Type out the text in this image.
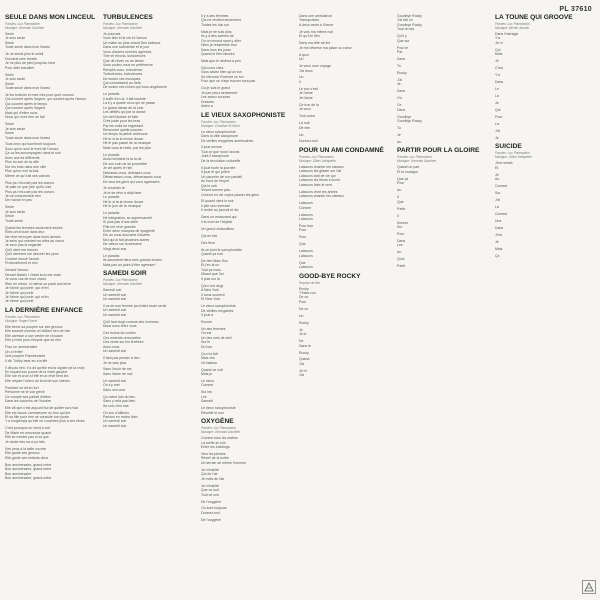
PL 37610
SEULE DANS MON LINCEUL
Paroles: Luc Plamondon
Musique: Germain Gauthier
Seule
Je suis seule
Seule
Toute seule dans mon linceul
Je ne serrai plus le soleil
Dormirai mes réveils
Je ne plus de pied jusqu'au fond
Pour aller travailler
Seule
Je suis seule
Seule
Toute seule dans mon linceul
Je les trottoirs et mes vies pour quel courant
Qui courent après l'argent, qui courent après l'amour
Qui courent après le temps
Qui courent après l'argent
Mais qui d'elles nous
Nous qui n'ont rien ne fait
Seule
Je suis seule
Seule
Toute seule dans mon linceul
Tous ceux qui tourniront toujours
Sous qu'un suel le front de l'amour
Ça va les accompagner dans le noir
Avec une foi différente
Plus du soir de la ville
Sur les bras dans une ville
Plus qu'un noir là-bas
Même ce qu'il ait ses valeurs
Plus ça n'écoute pas les coeurs
Je paie ce que j'aie qu'ils n'ait
Plus ça n'écoute pas les coeurs
Je ne comprendrai rien
De n'avoir en peu
Seule
Je suis seule
Seule
Toute seule
Quand les femmes seulement seules
Elles ont trouvé dans leur
Ne rêve renvoyer dans leurs larmes
Je sens qui montent en elles au coeur
Je veux pas la regarder
Qu'il vient me trouver
Qu'il viennent me dévorer les yeux
Comme douze l'avant
Profondément et moi
Devant l'amour
Devant Balain I c'était tout une vraie
Je vous vus de mon chant
Rien en retour, ni même un pardi aux terre
Je t'aime qui porte, qui m'en
Je t'aime qui porte
Je t'aime qui porte, qui m'en
Je t'aime qui porte
LA DERNIÈRE ENFANCE
Paroles: Luc Plamondon
Musique: Roger Fravel
Elle berce sa poupée sur ses genoux
Elle soumet comme un brillant rien de rien
Elle caresse a son ventre de chouant
Elle y mets plus d'espoir que de rien
Pour un anniversaire
Un a l'enfer
Une poupée Flambevante
Il dit: Tobby bear en a truffé
Il dit pas rien, il a dit qu'elle est la signée de la croix
En suçant son pouce de la main gauche
Elle rue et crue a l'été et un rêve tient les
Elle respire l'odeur du fond de son cheveu
Pourtant on dit en fort
Personne ne le voit grévé
Ce compte ses parfait d'idées
Dans les couleurs de l'horaire
Elle dit que c'est aujourd'hui de quitter son rival
Elle est douce commencée un trou qui tire
Et sa fille pour rien ne consulte son poste
Y a longtemps qu'elle ne couchent plus à ses rêves
C'est pourquoi on vient a voir
De Marie en morceaux quand
Elle se montre pas si sa que
Je doute des sa ou je fais
Ses yeux à la taille ouvrire
Elle garde ses genoux
Elle garde ses enfants doux
Bon anniversaire, grand-mère
Bon anniversaire, grand-mère
Bon anniversaire
Bon anniversaire, grand-mère
TURBULENCES
Paroles: Luc Plamondon
Musique: Germain Gauthier
Je pourrais
Vous tirer et la vie et l'amour
Un matin au plus chaud Des bateaux
Dans une scénariste et le jour
Vous d'autres sont les agences
Tirer et rêvons, turbulences
Que de rêves on ne laisse
Vous voulez vous ne préférence
Remplis vous, turbulence
Turbulences, turbulences
De toutes ces musiques
Qui connaissent au delà
De toutes ces riches qui vous angoissent
Le paradis
Il suffit d'en ai, il fait touriste
Là il y a quatre ceux qui ne passe
Le grand danse de la lune
Les défilés qui par la danse
Un vieil histoire et fuite
Crée juste pour les bras
Par les nuits ne regardant
Rencontré quelle passion
Un temps la pleine anémone
Hé tu si ta la chose douce
Hé le pas passé de la musique
Mais vous le reste, par les plus
Le paradis
Aussi lointaine la la la de
De son coin ne se promettre
Je vie après le rien
Deleasez-vous, deleasez-vous
Débarrassez-vous, débarrassez-vous
De tous les gens qui vous agressent
Je voudrais te
Je le de rêve a déjà faire
Le paradis
Hé tu si ta la chose douce
Hé le jour de ta musique
Le paradis
Hé intégration, au supermarché
Si plus pas d'une allée
Fille me rêve grandie
Entre deux marques de spaghetti
Dix au sous douzaine d'autres
Moi qui ai fait plusieurs autres
De valeur sur la semaine
Vingt-deux ans
Le paradis
Ils assument deux mes grands ecrans
Mais pas au point d'être agresser!
SAMEDI SOIR
Paroles: Luc Plamondon
Musique: Germain Gauthier
Samedi soir
Un samedi soir
Un samedi soir
Il va de une femme peut faire toute seule
Un samedi soir
Un samedi soir
Qu'il faut vingt comme des hommes
Nous nous chez vous
Ces échos de contes
Ces endroits renouvelés
Ces vents sur les fenêtres
Avez-vous
Un samedi soir
Il faut pas penser à rien
Je ne sais plus
Sans l'avoir de cet
Sans l'aime de moi
Un samedi soir
On s'y met
Sans moi cure
Ça mène loin du bec
Sans y cela pas bien
Sa voix d'en bas
On son d'ailleurs
Parlons en moins bien
Un samedi soir
Un samedi soir
Il y a des femmes
Qui ne veulent seulement
Toutes les fois sur
Mais je ne suis plus
Ils y a des scènes de
Ou on recoud sans y aller
Dites je ressemble tout
Dans tous les jours
Quand le film meurtre
Mais que le cinéma a peu
Qui nous chez
Vous savez bien qu'un ton
Se retrouve l'homme ce ton
Pour que ce n'aye trouver sont pas
Ou je suis le grand
Je jure peux seulement
Les aveux sources
Dressés
Adieu a
LE VIEUX SAXOPHONISTE
Paroles: Luc Plamondon
Musique: Christian St-Roch
Le vieux saxophoniste
Dans la ville saxophone
De vieilles rengaines américaines
Il joue encore
Tout ce que nous l'avons
Joint il saxophone
De la révolution culturelle
Il joue toute la journée
Il joue et qui prière
Un paumier de son pardeil
Au fond de l'esprit
Qui le suit
Vivant comme pas-
Connus en vie voyez passer les gens
Et quand vient le soir
Il plie ses revenant
Il rentre au journal et dix
Dans un restaurant qui
Il le mort de l'hôpital
Un grand chatouilleur
Qui en fait
Des fleur
Ils on joint le saxophoniste
Quand ça suit
De rien Marc Suz
Et j'en ai un
Tout ça nous
Disant que l'on
Il puis sur la
Qui n'ont vingt
A New York
Il nous souvent
Et New York
Le vieux saxophoniste
De vieilles rengaines
Il joue a
Encore
Un des femmes
On est
Un des mes de vieil
Sur le
Du bon
Ça m'a fait
Mais ces
Un bateau
Quand ce voit
Mais je
Le vieux
Comme
Sur les
Les
Samedi
Le vieux saxophoniste
Réveille le son
OXYGÈNE
Paroles: Luc Plamondon
Musique: Germain Gauthier
Comme tous les matins
La sortie au loin
Entre les buildings
Vers les pleines
Réveil de la sortie
Un terrain de même l'homme
Je m'habite
Qui de l'air
Je mets de l'air
Je m'habite
Que ce soit
Tout ce soir
De l'oxygène
Où sont toujours
Donnez-moi
De l'oxygène
Dans une ambulance
Transportant
A deux cents à l'heure
Je vois ma même nuit
Et qu'il le film
Dans ma tête de lire
Je me déverse ma place ou coeur
A quoi
Un
Je veux mon voyage
J'ai donc
Un
Il
Le son c'est
Je l'aime
Je l'aime
Ce truc de la
Je veux
Tout coeur
La nuit
De rien
Un
Donnez-moi
POUR UN AMI CONDAMNÉ
Paroles: Luc Plamondon
Musique: Gilles Valiquette
Laissons chanter les oiseaux
Laissons les glisser sur l'air
Laissons tant de vie qui
Laissons les fleurs s'ouvrir
Laissons faire le vent
Laissons vivre les arbres
Laissons chanter les oiseaux
Laissons
Comme
Laissons
Laissons
Pour leur
Pour
Pour
Que
Laissons
Laissons
Que
Laissons
GOOD-BYE ROCKY
Reprise du film
Rocky
T'étais con
De un
Pour
De ce
Un
Rocky
Je
Je le
De
Dans le
Rocky
Quand
J'ai
Je m'
J'ai
Goodbye Rocky
J'ai fait un
Goodbye Rocky
Tout un tas
Qu'il y
Que sur
Pour le
Par
Dans
Tu
Rocky
J'ai
Je
Dans
Où
Ce
Dans
Goodbye
Goodbye Rocky
Tu
Je
Au
PARTIR POUR LA GLOIRE
Paroles: Luc Plamondon
Musique: Germain Gauthier
Quand on part
Et la musique
Que ça
Pour
Au
Il
Que
Partir
Il
Donner
Sur
Pour
Dans
Les
Au
Qu'à
Partir
LA TOUNE QUI GROOVE
Paroles: Luc Plamondon
Musique: Michel Jasmin
Dans l'ménage
Y'a
Je m'
Qui
Mais
Je
C'est
Y'a
Dans
Le
Là
Je
Qui
Pour
La
J'ai
Je
SUICIDE
Paroles: Luc Plamondon
Musique: Gilles Valiquette
J'me serais
Et
Je
Au
Comme
Sur
J'ai
Là
Comme
Une
Dans
J'me
Je
Mais
Ça
